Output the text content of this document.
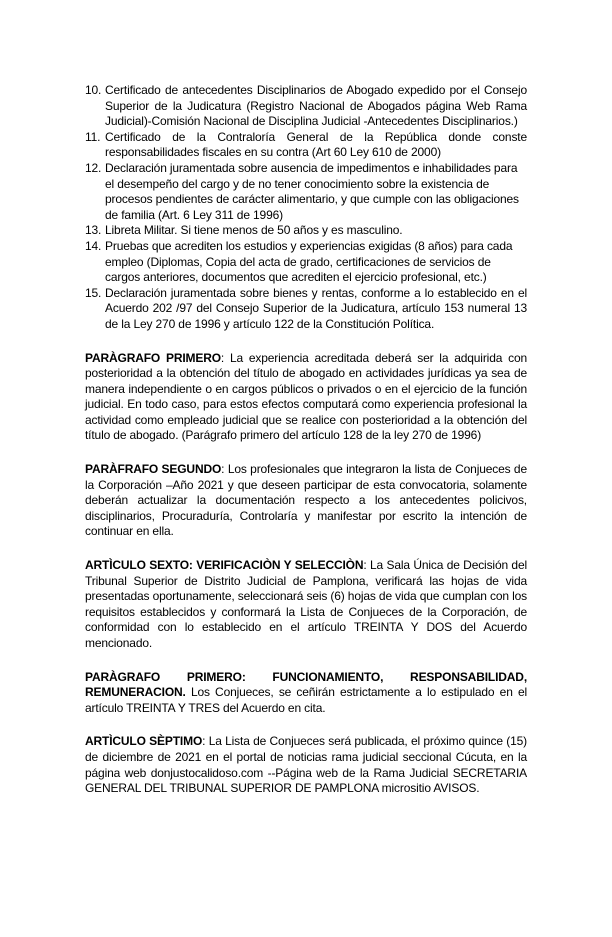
10. Certificado de antecedentes Disciplinarios de Abogado expedido por el Consejo Superior de la Judicatura (Registro Nacional de Abogados página Web Rama Judicial)-Comisión Nacional de Disciplina Judicial -Antecedentes Disciplinarios.)
11. Certificado de la Contraloría General de la República donde conste responsabilidades fiscales en su contra (Art 60 Ley 610 de 2000)
12. Declaración juramentada sobre ausencia de impedimentos e inhabilidades para el desempeño del cargo y de no tener conocimiento sobre la existencia de procesos pendientes de carácter alimentario, y que cumple con las obligaciones de familia (Art. 6 Ley 311 de 1996)
13. Libreta Militar. Si tiene menos de 50 años y es masculino.
14. Pruebas que acrediten los estudios y experiencias exigidas (8 años) para cada empleo (Diplomas, Copia del acta de grado, certificaciones de servicios de cargos anteriores, documentos que acrediten el ejercicio profesional, etc.)
15. Declaración juramentada sobre bienes y rentas, conforme a lo establecido en el Acuerdo 202 /97 del Consejo Superior de la Judicatura, artículo 153 numeral 13 de la Ley 270 de 1996 y artículo 122 de la Constitución Política.

PARÀGRAFO PRIMERO: La experiencia acreditada deberá ser la adquirida con posterioridad a la obtención del título de abogado en actividades jurídicas ya sea de manera independiente o en cargos públicos o privados o en el ejercicio de la función judicial. En todo caso, para estos efectos computará como experiencia profesional la actividad como empleado judicial que se realice con posterioridad a la obtención del título de abogado. (Parágrafo primero del artículo 128 de la ley 270 de 1996)

PARÀFRAFO SEGUNDO: Los profesionales que integraron la lista de Conjueces de la Corporación –Año 2021 y que deseen participar de esta convocatoria, solamente deberán actualizar la documentación respecto a los antecedentes policivos, disciplinarios, Procuraduría, Controlaría y manifestar por escrito la intención de continuar en ella.

ARTÌCULO SEXTO: VERIFICACIÒN Y SELECCIÒN: La Sala Única de Decisión del Tribunal Superior de Distrito Judicial de Pamplona, verificará las hojas de vida presentadas oportunamente, seleccionará seis (6) hojas de vida que cumplan con los requisitos establecidos y conformará la Lista de Conjueces de la Corporación, de conformidad con lo establecido en el artículo TREINTA Y DOS del Acuerdo mencionado.

PARÀGRAFO PRIMERO: FUNCIONAMIENTO, RESPONSABILIDAD, REMUNERACION. Los Conjueces, se ceñirán estrictamente a lo estipulado en el artículo TREINTA Y TRES del Acuerdo en cita.

ARTÌCULO SÈPTIMO: La Lista de Conjueces será publicada, el próximo quince (15) de diciembre de 2021 en el portal de noticias rama judicial seccional Cúcuta, en la página web donjustocalidoso.com --Página web de la Rama Judicial SECRETARIA GENERAL DEL TRIBUNAL SUPERIOR DE PAMPLONA micrositio AVISOS.
